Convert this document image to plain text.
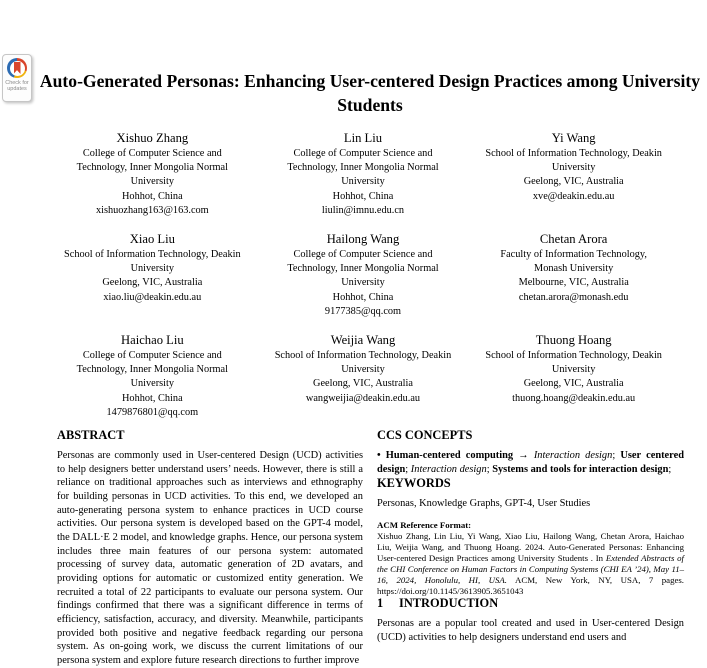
Check for updates Auto-Generated Personas: Enhancing User-centered Design Practices among University Students
Xishuo Zhang
College of Computer Science and Technology, Inner Mongolia Normal University
Hohhot, China
xishuozhang163@163.com
Lin Liu
College of Computer Science and Technology, Inner Mongolia Normal University
Hohhot, China
liulin@imnu.edu.cn
Yi Wang
School of Information Technology, Deakin University
Geelong, VIC, Australia
xve@deakin.edu.au
Xiao Liu
School of Information Technology, Deakin University
Geelong, VIC, Australia
xiao.liu@deakin.edu.au
Hailong Wang
College of Computer Science and Technology, Inner Mongolia Normal University
Hohhot, China
9177385@qq.com
Chetan Arora
Faculty of Information Technology, Monash University
Melbourne, VIC, Australia
chetan.arora@monash.edu
Haichao Liu
College of Computer Science and Technology, Inner Mongolia Normal University
Hohhot, China
1479876801@qq.com
Weijia Wang
School of Information Technology, Deakin University
Geelong, VIC, Australia
wangweijia@deakin.edu.au
Thuong Hoang
School of Information Technology, Deakin University
Geelong, VIC, Australia
thuong.hoang@deakin.edu.au
ABSTRACT

Personas are commonly used in User-centered Design (UCD) activities to help designers better understand users’ needs. However, there is still a reliance on traditional approaches such as interviews and ethnography for building personas in UCD activities. To this end, we developed an auto-generating persona system to enhance practices in UCD course activities. Our persona system is developed based on the GPT-4 model, the DALL·E 2 model, and knowledge graphs. Hence, our persona system includes three main features of our persona system: automated processing of survey data, automatic generation of 2D avatars, and providing options for automatic or customized entity generation. We recruited a total of 22 participants to evaluate our persona system. Our findings confirmed that there was a significant difference in terms of efficiency, satisfaction, accuracy, and diversity. Meanwhile, participants provided both positive and negative feedback regarding our persona system. As on-going work, we discuss the current limitations of our persona system and explore future research directions to further improve

CCS CONCEPTS

• Human-centered computing → Interaction design; User centered design; Interaction design; Systems and tools for interaction design;

KEYWORDS

Personas, Knowledge Graphs, GPT-4, User Studies

ACM Reference Format:

Xishuo Zhang, Lin Liu, Yi Wang, Xiao Liu, Hailong Wang, Chetan Arora, Haichao Liu, Weijia Wang, and Thuong Hoang. 2024. Auto-Generated Personas: Enhancing User-centered Design Practices among University Students . In Extended Abstracts of the CHI Conference on Human Factors in Computing Systems (CHI EA ’24), May 11–16, 2024, Honolulu, HI, USA. ACM, New York, NY, USA, 7 pages. https://doi.org/10.1145/3613905.3651043

1	INTRODUCTION

Personas are a popular tool created and used in User-centered Design (UCD) activities to help designers understand end users and
